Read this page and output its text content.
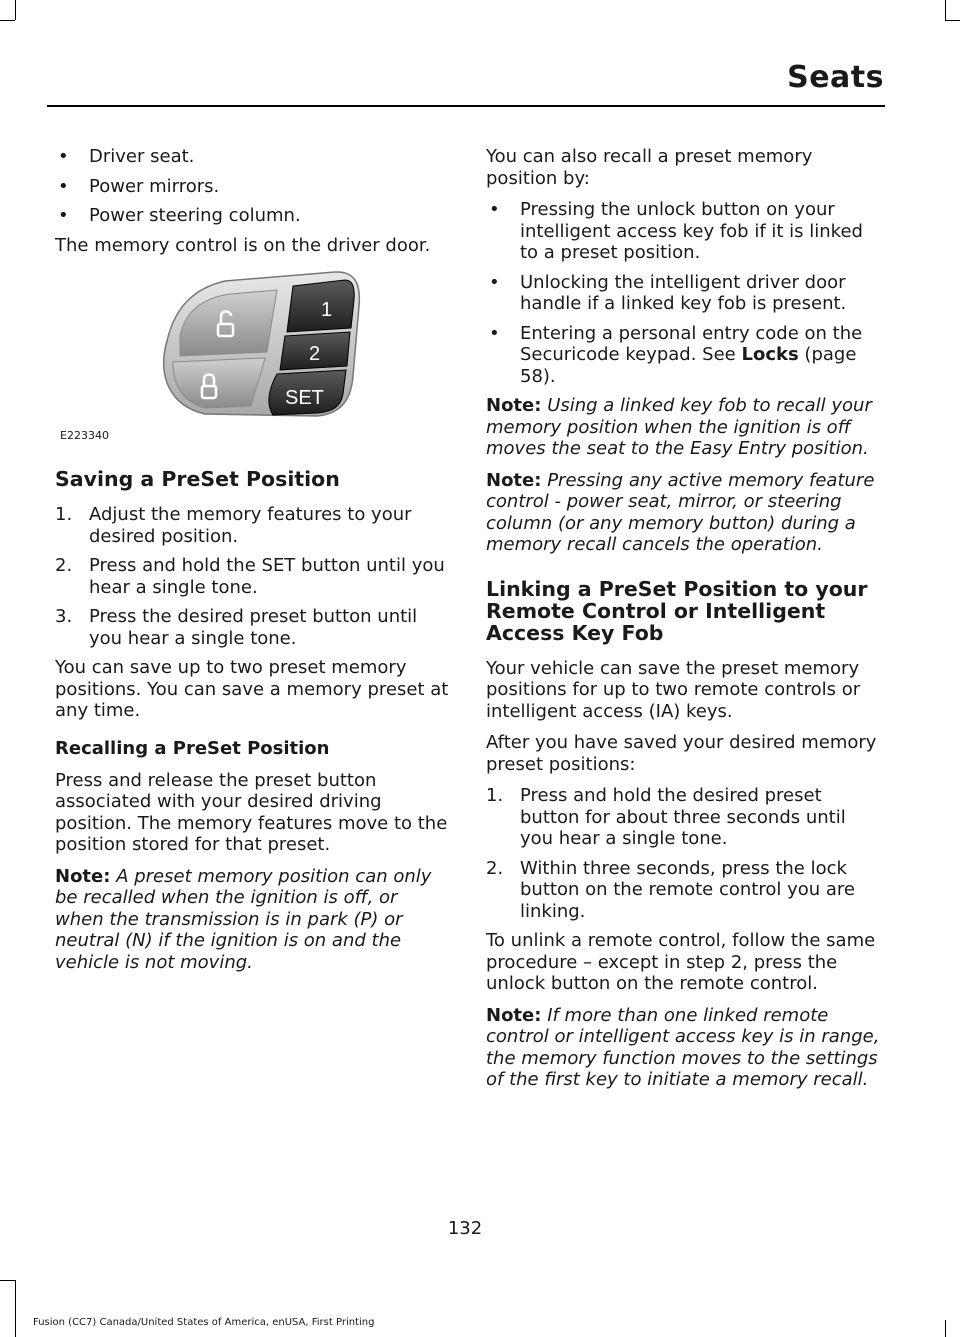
Seats
• Driver seat.
• Power mirrors.
• Power steering column.

The memory control is on the driver door.

1
2
SET
E223340
Saving a PreSet Position
1. Adjust the memory features to your desired position.
2. Press and hold the SET button until you hear a single tone.
3. Press the desired preset button until you hear a single tone.

You can save up to two preset memory positions. You can save a memory preset at any time.

Recalling a PreSet Position

Press and release the preset button associated with your desired driving position. The memory features move to the position stored for that preset.

Note: A preset memory position can only be recalled when the ignition is off, or when the transmission is in park (P) or neutral (N) if the ignition is on and the vehicle is not moving.

You can also recall a preset memory position by:

• Pressing the unlock button on your intelligent access key fob if it is linked to a preset position.
• Unlocking the intelligent driver door handle if a linked key fob is present.
• Entering a personal entry code on the Securicode keypad. See Locks (page 58).

Note: Using a linked key fob to recall your memory position when the ignition is off moves the seat to the Easy Entry position.

Note: Pressing any active memory feature control - power seat, mirror, or steering column (or any memory button) during a memory recall cancels the operation.

Linking a PreSet Position to your Remote Control or Intelligent Access Key Fob

Your vehicle can save the preset memory positions for up to two remote controls or intelligent access (IA) keys.

After you have saved your desired memory preset positions:

1. Press and hold the desired preset button for about three seconds until you hear a single tone.
2. Within three seconds, press the lock button on the remote control you are linking.

To unlink a remote control, follow the same procedure – except in step 2, press the unlock button on the remote control.

Note: If more than one linked remote control or intelligent access key is in range, the memory function moves to the settings of the first key to initiate a memory recall.

132
Fusion (CC7) Canada/United States of America, enUSA, First Printing
